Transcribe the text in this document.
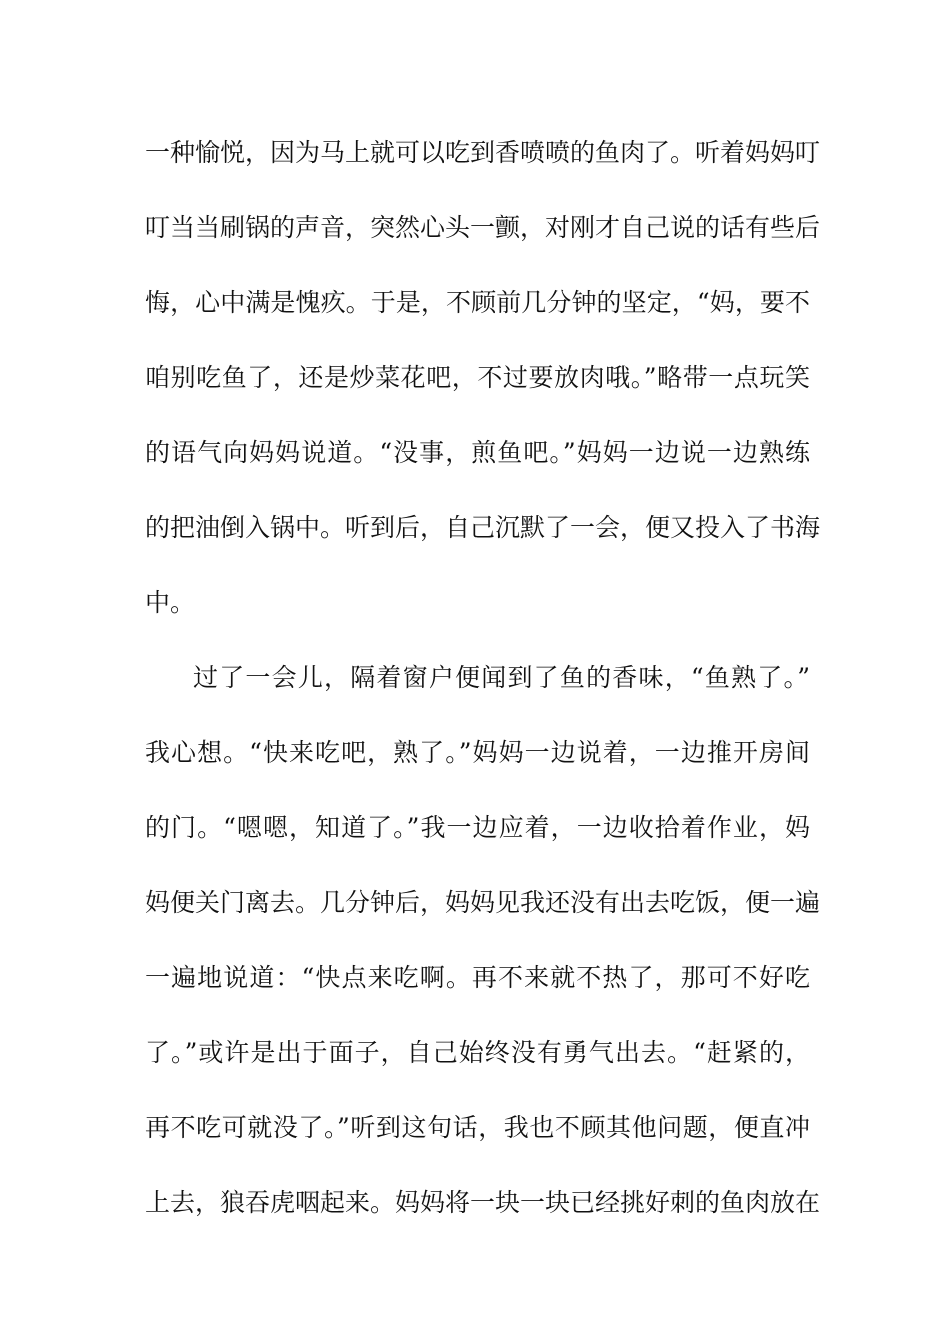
一种愉悦，因为马上就可以吃到香喷喷的鱼肉了。听着妈妈叮
叮当当刷锅的声音，突然心头一颤，对刚才自己说的话有些后
悔，心中满是愧疚。于是，不顾前几分钟的坚定，“妈，要不
咱别吃鱼了，还是炒菜花吧，不过要放肉哦。”略带一点玩笑
的语气向妈妈说道。“没事，煎鱼吧。”妈妈一边说一边熟练
的把油倒入锅中。听到后，自己沉默了一会，便又投入了书海
中。
过了一会儿，隔着窗户便闻到了鱼的香味，“鱼熟了。”
我心想。“快来吃吧，熟了。”妈妈一边说着，一边推开房间
的门。“嗯嗯，知道了。”我一边应着，一边收拾着作业，妈
妈便关门离去。几分钟后，妈妈见我还没有出去吃饭，便一遍
一遍地说道：“快点来吃啊。再不来就不热了，那可不好吃
了。”或许是出于面子，自己始终没有勇气出去。“赶紧的，
再不吃可就没了。”听到这句话，我也不顾其他问题，便直冲
上去，狼吞虎咽起来。妈妈将一块一块已经挑好刺的鱼肉放在
